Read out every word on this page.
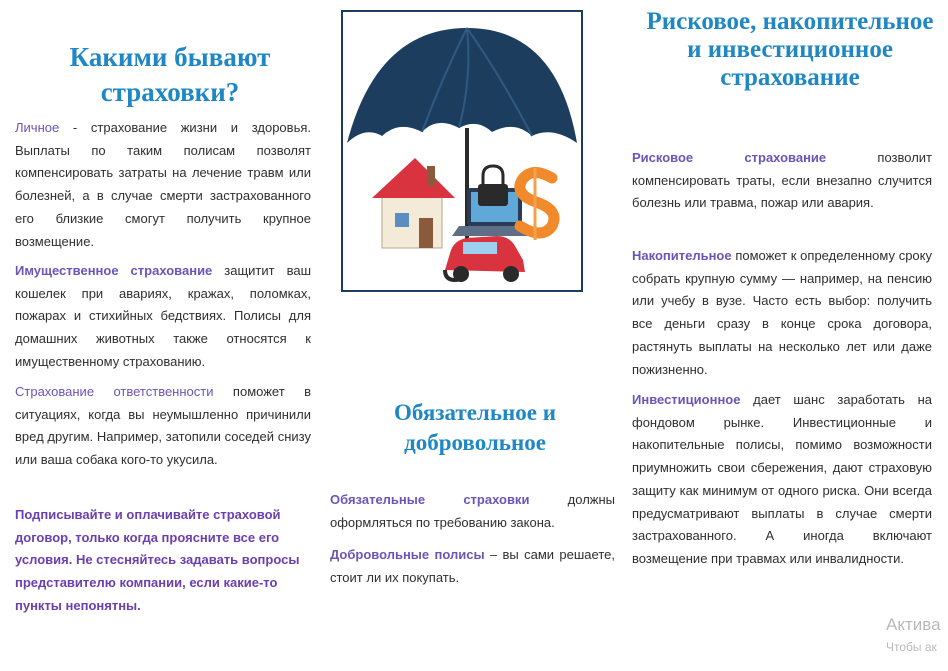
Какими бывают страховки?

Личное - страхование жизни и здоровья. Выплаты по таким полисам позволят компенсировать затраты на лечение травм или болезней, а в случае смерти застрахованного его близкие смогут получить крупное возмещение.

Имущественное страхование защитит ваш кошелек при авариях, кражах, поломках, пожарах и стихийных бедствиях. Полисы для домашних животных также относятся к имущественному страхованию.

Страхование ответственности поможет в ситуациях, когда вы неумышленно причинили вред другим. Например, затопили соседей снизу или ваша собака кого-то укусила.

Подписывайте и оплачивайте страховой договор, только когда проясните все его условия. Не стесняйтесь задавать вопросы представителю компании, если какие-то пункты непонятны.

Обязательное и добровольное

Обязательные страховки должны оформляться по требованию закона.

Добровольные полисы – вы сами решаете, стоит ли их покупать.

Рисковое, накопительное и инвестиционное страхование

Рисковое страхование позволит компенсировать траты, если внезапно случится болезнь или травма, пожар или авария.

Накопительное поможет к определенному сроку собрать крупную сумму — например, на пенсию или учебу в вузе. Часто есть выбор: получить все деньги сразу в конце срока договора, растянуть выплаты на несколько лет или даже пожизненно.

Инвестиционное дает шанс заработать на фондовом рынке. Инвестиционные и накопительные полисы, помимо возможности приумножить свои сбережения, дают страховую защиту как минимум от одного риска. Они всегда предусматривают выплаты в случае смерти застрахованного. А иногда включают возмещение при травмах или инвалидности.

Актива
Чтобы ак
